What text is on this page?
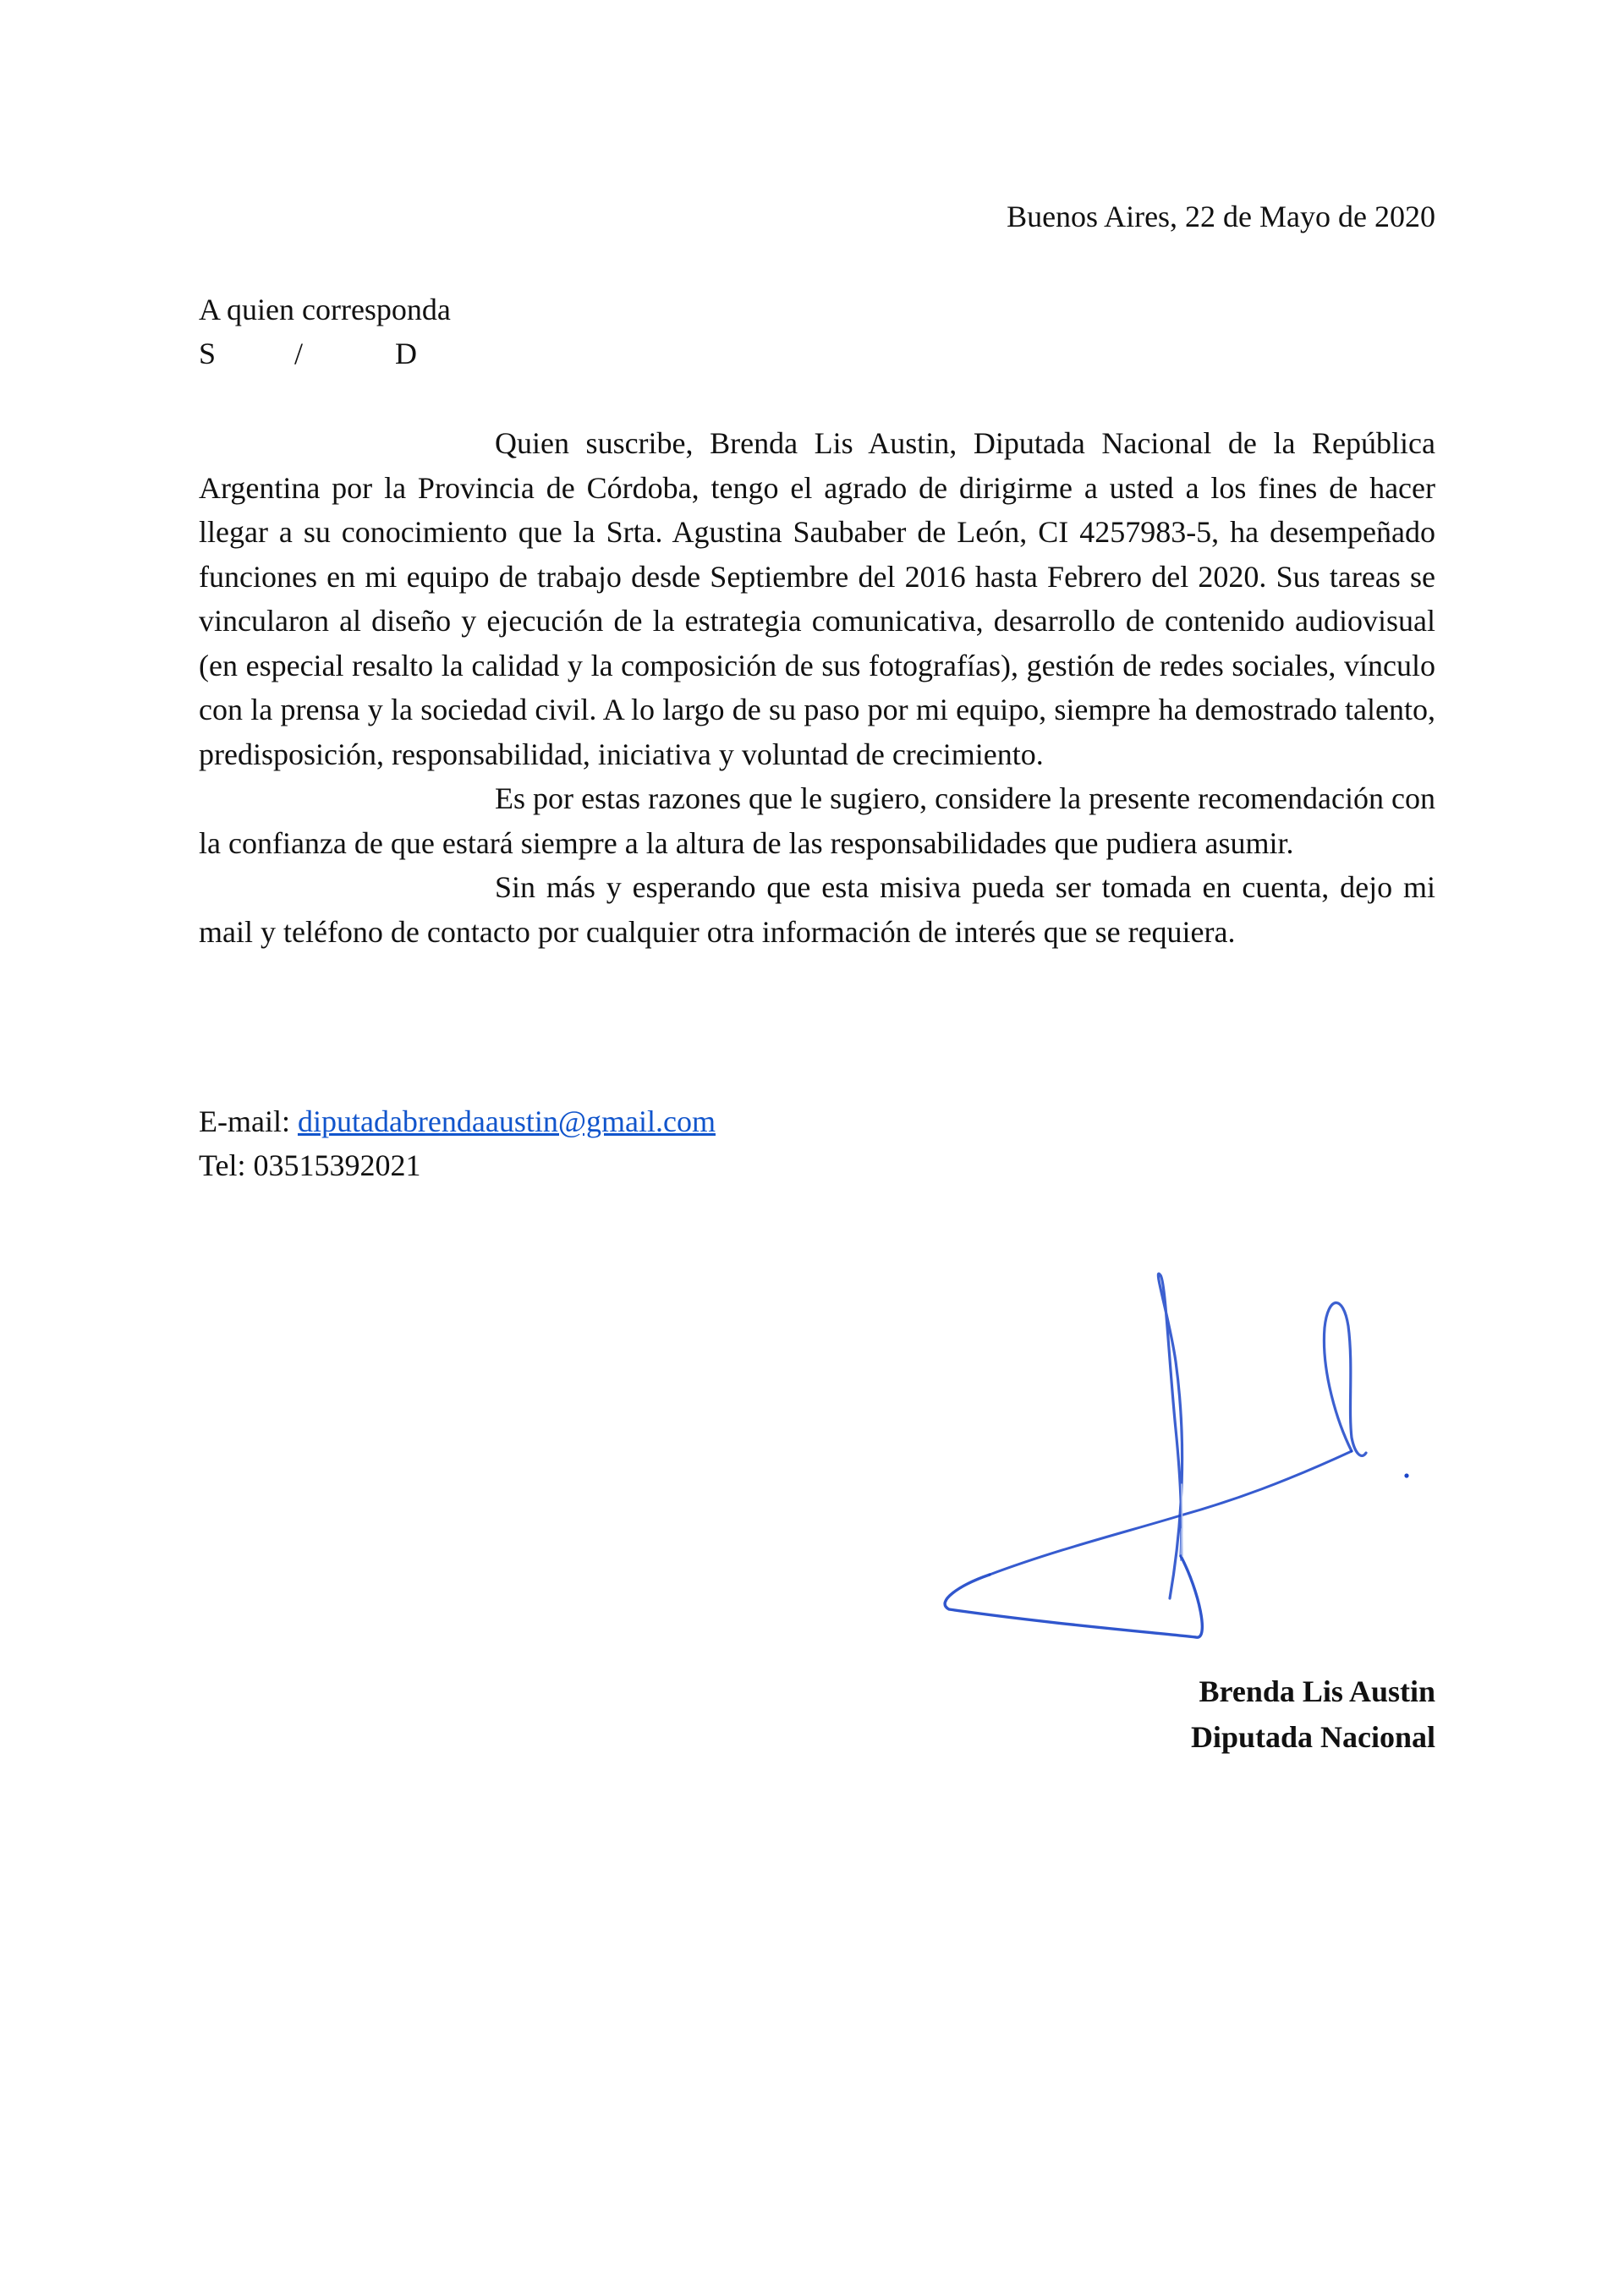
Buenos Aires, 22 de Mayo de 2020
A quien corresponda
S	/	D

Quien suscribe, Brenda Lis Austin, Diputada Nacional de la República Argentina por la Provincia de Córdoba, tengo el agrado de dirigirme a usted a los fines de hacer llegar a su conocimiento que la Srta. Agustina Saubaber de León, CI 4257983-5, ha desempeñado funciones en mi equipo de trabajo desde Septiembre del 2016 hasta Febrero del 2020. Sus tareas se vincularon al diseño y ejecución de la estrategia comunicativa, desarrollo de contenido audiovisual (en especial resalto la calidad y la composición de sus fotografías), gestión de redes sociales, vínculo con la prensa y la sociedad civil. A lo largo de su paso por mi equipo, siempre ha demostrado talento, predisposición, responsabilidad, iniciativa y voluntad de crecimiento.

Es por estas razones que le sugiero, considere la presente recomendación con la confianza de que estará siempre a la altura de las responsabilidades que pudiera asumir.

Sin más y esperando que esta misiva pueda ser tomada en cuenta, dejo mi mail y teléfono de contacto por cualquier otra información de interés que se requiera.

E-mail: diputadabrendaaustin@gmail.com
Tel: 03515392021
Brenda Lis Austin
Diputada Nacional
